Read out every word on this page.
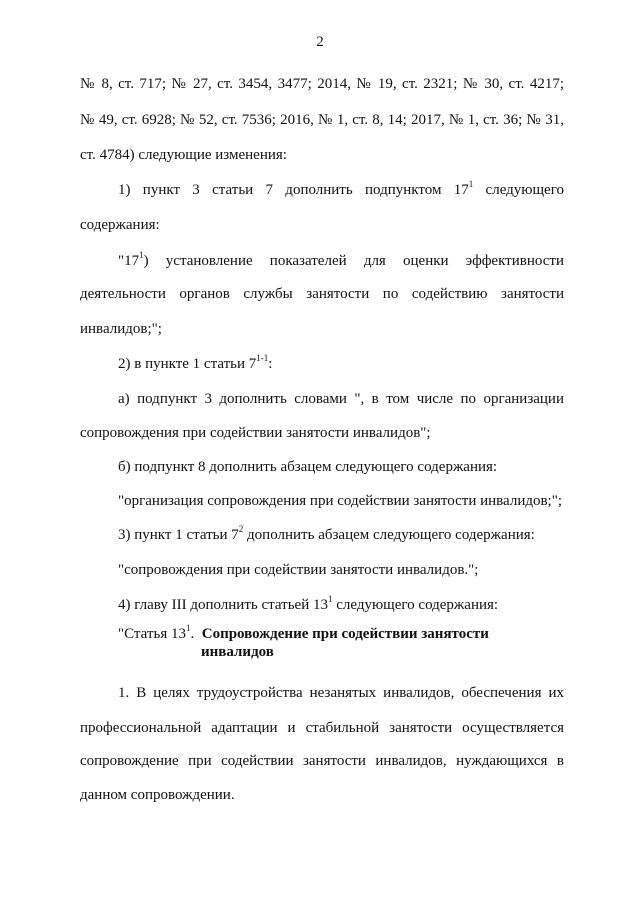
2
№ 8, ст. 717; № 27, ст. 3454, 3477; 2014, № 19, ст. 2321; № 30, ст. 4217;
№ 49, ст. 6928; № 52, ст. 7536; 2016, № 1, ст. 8, 14; 2017, № 1, ст. 36; № 31,
ст. 4784) следующие изменения:
1) пункт 3 статьи 7 дополнить подпунктом $17^1$ следующего
содержания:
"$17^1$) установление показателей для оценки эффективности
деятельности органов службы занятости по содействию занятости
инвалидов;";
2) в пункте 1 статьи 7$^{1-1}$:
а) подпункт 3 дополнить словами ", в том числе по организации
сопровождения при содействии занятости инвалидов";
б) подпункт 8 дополнить абзацем следующего содержания:
"организация сопровождения при содействии занятости инвалидов;";
3) пункт 1 статьи $7^2$ дополнить абзацем следующего содержания:
"сопровождения при содействии занятости инвалидов.";
4) главу III дополнить статьей $13^1$ следующего содержания:
"Статья $13^1$. Сопровождение при содействии занятости
инвалидов
1. В целях трудоустройства незанятых инвалидов, обеспечения их
профессиональной адаптации и стабильной занятости осуществляется
сопровождение при содействии занятости инвалидов, нуждающихся в
данном сопровождении.
